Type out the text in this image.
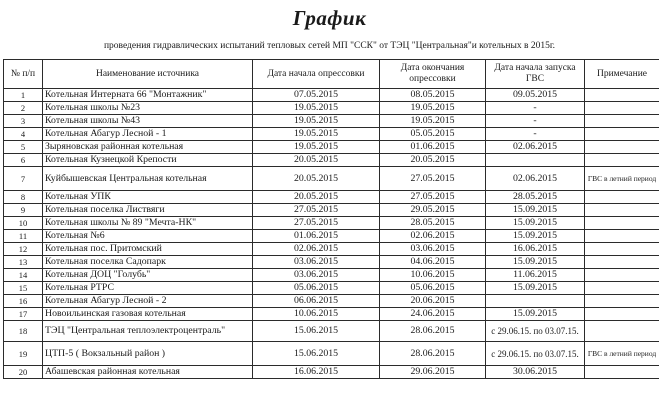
График
проведения гидравлических испытаний тепловых сетей МП "ССК" от ТЭЦ "Центральная"и котельных в 2015г.
№ п/п	Наименование источника	Дата начала опрессовки	Дата окончания опрессовки	Дата начала запуска ГВС	Примечание
1	Котельная Интерната 66 "Монтажник"	07.05.2015	08.05.2015	09.05.2015	
2	Котельная школы №23	19.05.2015	19.05.2015	-	
3	Котельная школы №43	19.05.2015	19.05.2015	-	
4	Котельная Абагур Лесной - 1	19.05.2015	05.05.2015	-	
5	Зыряновская районная котельная	19.05.2015	01.06.2015	02.06.2015	
6	Котельная Кузнецкой Крепости	20.05.2015	20.05.2015		
7	Куйбышевская Центральная котельная	20.05.2015	27.05.2015	02.06.2015	ГВС в летний период
8	Котельная УПК	20.05.2015	27.05.2015	28.05.2015	
9	Котельная поселка Листвяги	27.05.2015	29.05.2015	15.09.2015	
10	Котельная школы № 89 "Мечта-НК"	27.05.2015	28.05.2015	15.09.2015	
11	Котельная №6	01.06.2015	02.06.2015	15.09.2015	
12	Котельная пос. Притомский	02.06.2015	03.06.2015	16.06.2015	
13	Котельная поселка Садопарк	03.06.2015	04.06.2015	15.09.2015	
14	Котельная ДОЦ "Голубь"	03.06.2015	10.06.2015	11.06.2015	
15	Котельная РТРС	05.06.2015	05.06.2015	15.09.2015	
16	Котельная Абагур Лесной - 2	06.06.2015	20.06.2015		
17	Новоильинская газовая котельная	10.06.2015	24.06.2015	15.09.2015	
18	ТЭЦ "Центральная теплоэлектроцентраль"	15.06.2015	28.06.2015	с 29.06.15. по 03.07.15.	
19	ЦТП-5 ( Вокзальный район )	15.06.2015	28.06.2015	с 29.06.15. по 03.07.15.	ГВС в летний период
20	Абашевская районная котельная	16.06.2015	29.06.2015	30.06.2015	
